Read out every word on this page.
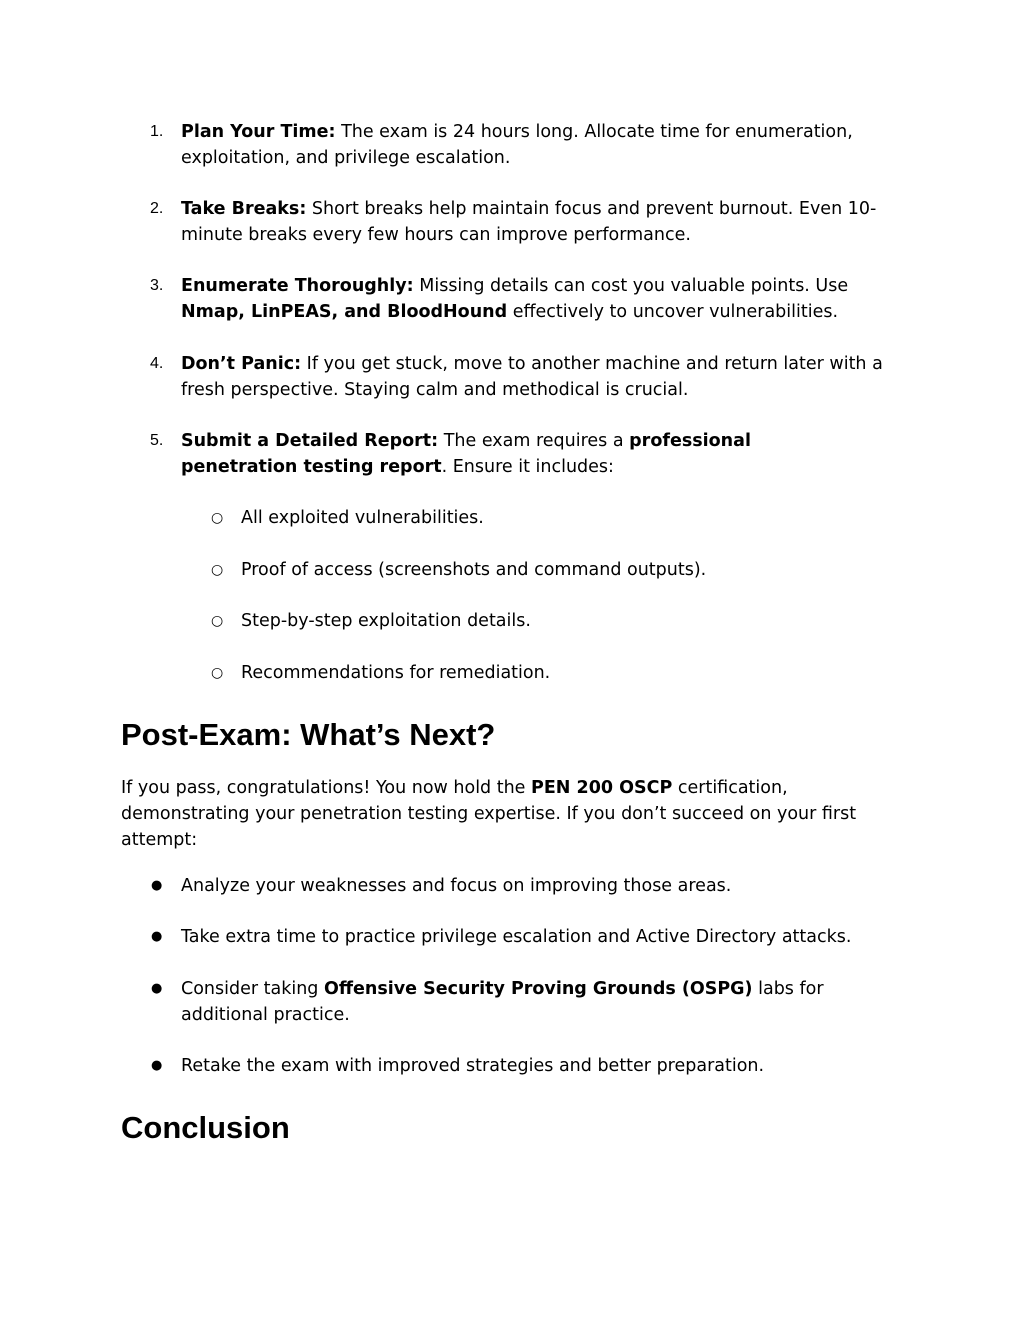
1. Plan Your Time: The exam is 24 hours long. Allocate time for enumeration, exploitation, and privilege escalation.
2. Take Breaks: Short breaks help maintain focus and prevent burnout. Even 10-minute breaks every few hours can improve performance.
3. Enumerate Thoroughly: Missing details can cost you valuable points. Use Nmap, LinPEAS, and BloodHound effectively to uncover vulnerabilities.
4. Don’t Panic: If you get stuck, move to another machine and return later with a fresh perspective. Staying calm and methodical is crucial.
5. Submit a Detailed Report: The exam requires a professional penetration testing report. Ensure it includes:
○ All exploited vulnerabilities.
○ Proof of access (screenshots and command outputs).
○ Step-by-step exploitation details.
○ Recommendations for remediation.
Post-Exam: What’s Next?
If you pass, congratulations! You now hold the PEN 200 OSCP certification, demonstrating your penetration testing expertise. If you don’t succeed on your first attempt:
● Analyze your weaknesses and focus on improving those areas.
● Take extra time to practice privilege escalation and Active Directory attacks.
● Consider taking Offensive Security Proving Grounds (OSPG) labs for additional practice.
● Retake the exam with improved strategies and better preparation.
Conclusion
